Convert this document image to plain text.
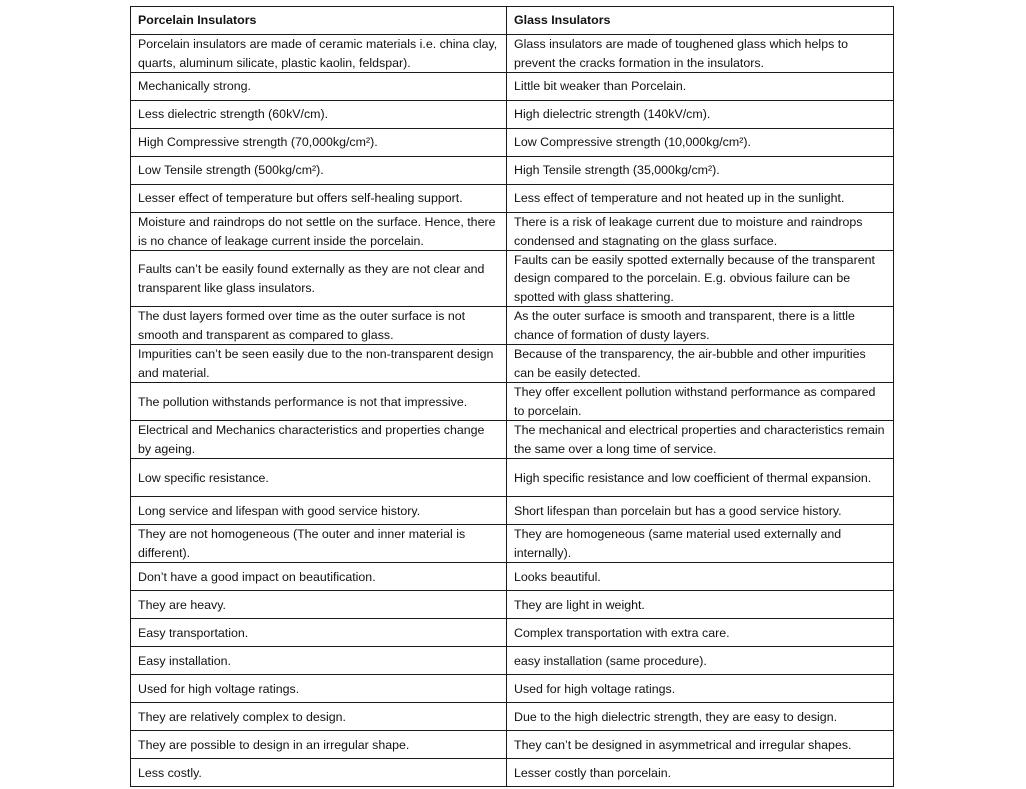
Porcelain Insulators	Glass Insulators
Porcelain insulators are made of ceramic materials i.e. china clay, quarts, aluminum silicate, plastic kaolin, feldspar).	Glass insulators are made of toughened glass which helps to prevent the cracks formation in the insulators.
Mechanically strong.	Little bit weaker than Porcelain.
Less dielectric strength (60kV/cm).	High dielectric strength (140kV/cm).
High Compressive strength (70,000kg/cm²).	Low Compressive strength (10,000kg/cm²).
Low Tensile strength (500kg/cm²).	High Tensile strength (35,000kg/cm²).
Lesser effect of temperature but offers self-healing support.	Less effect of temperature and not heated up in the sunlight.
Moisture and raindrops do not settle on the surface. Hence, there is no chance of leakage current inside the porcelain.	There is a risk of leakage current due to moisture and raindrops condensed and stagnating on the glass surface.
Faults can’t be easily found externally as they are not clear and transparent like glass insulators.	Faults can be easily spotted externally because of the transparent design compared to the porcelain. E.g. obvious failure can be spotted with glass shattering.
The dust layers formed over time as the outer surface is not smooth and transparent as compared to glass.	As the outer surface is smooth and transparent, there is a little chance of formation of dusty layers.
Impurities can’t be seen easily due to the non-transparent design and material.	Because of the transparency, the air-bubble and other impurities can be easily detected.
The pollution withstands performance is not that impressive.	They offer excellent pollution withstand performance as compared to porcelain.
Electrical and Mechanics characteristics and properties change by ageing.	The mechanical and electrical properties and characteristics remain the same over a long time of service.
Low specific resistance.	High specific resistance and low coefficient of thermal expansion.
Long service and lifespan with good service history.	Short lifespan than porcelain but has a good service history.
They are not homogeneous (The outer and inner material is different).	They are homogeneous (same material used externally and internally).
Don’t have a good impact on beautification.	Looks beautiful.
They are heavy.	They are light in weight.
Easy transportation.	Complex transportation with extra care.
Easy installation.	easy installation (same procedure).
Used for high voltage ratings.	Used for high voltage ratings.
They are relatively complex to design.	Due to the high dielectric strength, they are easy to design.
They are possible to design in an irregular shape.	They can’t be designed in asymmetrical and irregular shapes.
Less costly.	Lesser costly than porcelain.
